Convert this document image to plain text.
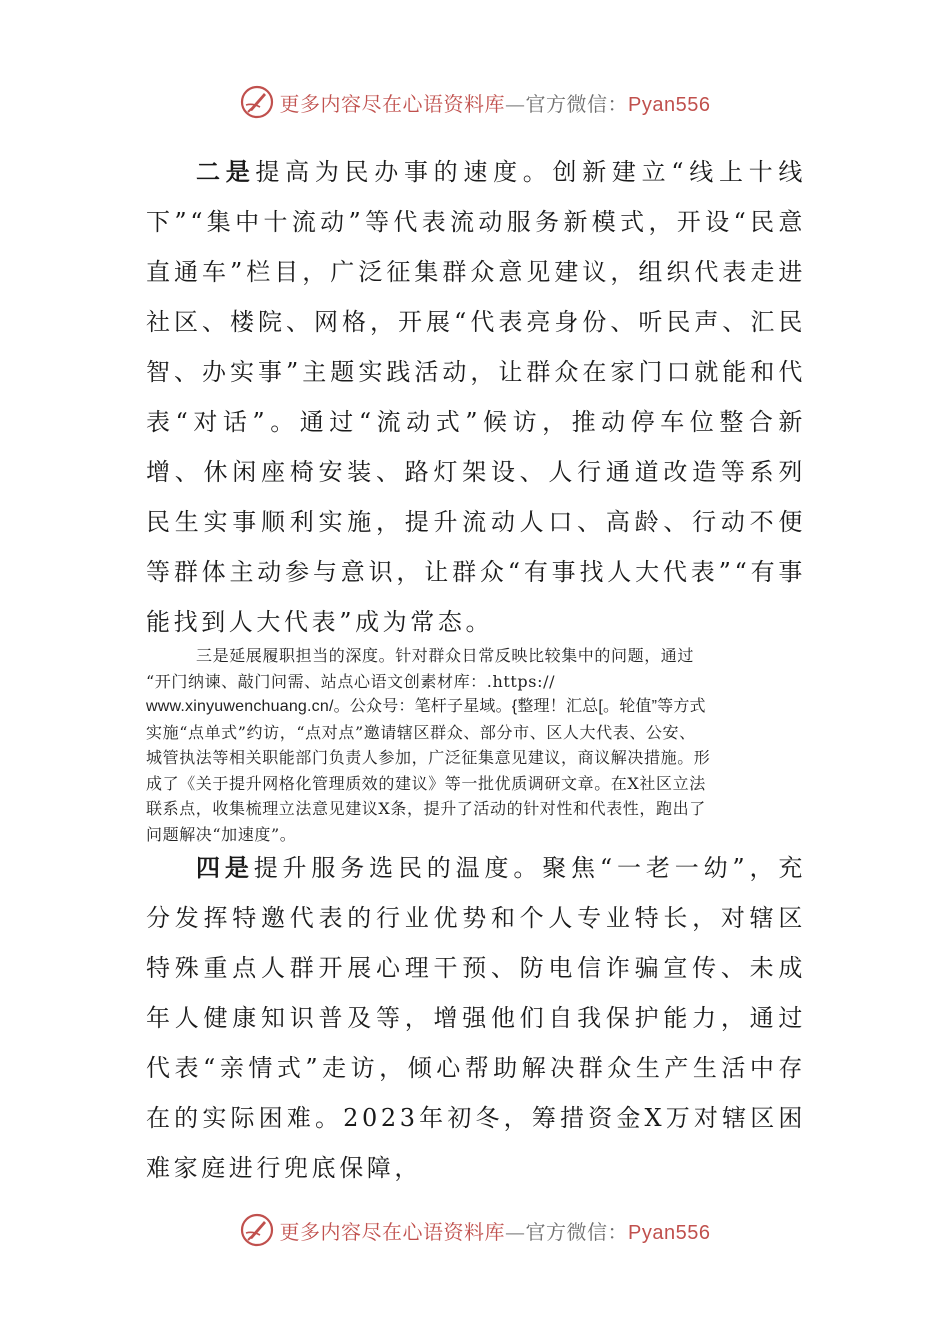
更多内容尽在心语资料库—官方微信：Pyan556

二是提高为民办事的速度。创新建立“线上十线下”“集中十流动”等代表流动服务新模式，开设“民意直通车”栏目，广泛征集群众意见建议，组织代表走进社区、楼院、网格，开展“代表亮身份、听民声、汇民智、办实事”主题实践活动，让群众在家门口就能和代表“对话”。通过“流动式”候访，推动停车位整合新增、休闲座椅安装、路灯架设、人行通道改造等系列民生实事顺利实施，提升流动人口、高龄、行动不便等群体主动参与意识，让群众“有事找人大代表”“有事能找到人大代表”成为常态。

三是延展履职担当的深度。针对群众日常反映比较集中的问题，通过
“开门纳谏、敲门问需、站点心语文创素材库：.https://
www.xinyuwenchuang.cn/。公众号：笔杆子星域。{整理！汇总[。轮值”等方式
实施“点单式”约访，“点对点”邀请辖区群众、部分市、区人大代表、公安、
城管执法等相关职能部门负责人参加，广泛征集意见建议，商议解决措施。形
成了《关于提升网格化管理质效的建议》等一批优质调研文章。在X社区立法
联系点，收集梳理立法意见建议X条，提升了活动的针对性和代表性，跑出了
问题解决“加速度”。

四是提升服务选民的温度。聚焦“一老一幼”，充分发挥特邀代表的行业优势和个人专业特长，对辖区特殊重点人群开展心理干预、防电信诈骗宣传、未成年人健康知识普及等，增强他们自我保护能力，通过代表“亲情式”走访，倾心帮助解决群众生产生活中存在的实际困难。2023年初冬，筹措资金X万对辖区困难家庭进行兜底保障，

更多内容尽在心语资料库—官方微信：Pyan556
